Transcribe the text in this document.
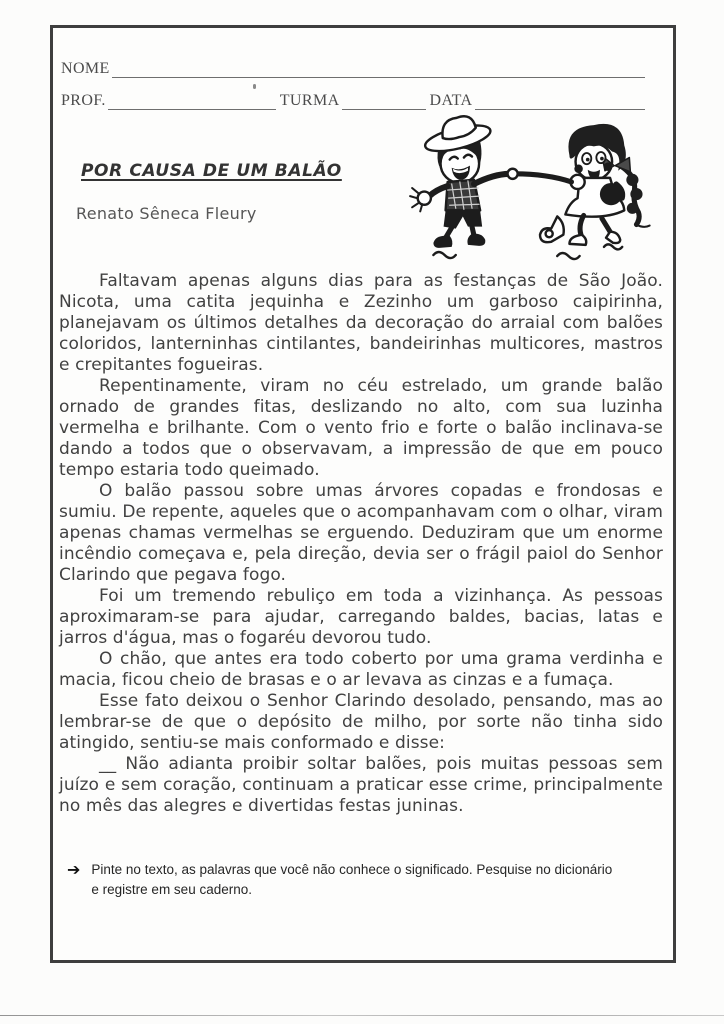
NOME
PROF.	TURMA	DATA
POR CAUSA DE UM BALÃO
Renato Sêneca Fleury

Faltavam apenas alguns dias para as festanças de São João. Nicota, uma catita jequinha e Zezinho um garboso caipirinha, planejavam os últimos detalhes da decoração do arraial com balões coloridos, lanterninhas cintilantes, bandeirinhas multicores, mastros e crepitantes fogueiras.

Repentinamente, viram no céu estrelado, um grande balão ornado de grandes fitas, deslizando no alto, com sua luzinha vermelha e brilhante. Com o vento frio e forte o balão inclinava-se dando a todos que o observavam, a impressão de que em pouco tempo estaria todo queimado.

O balão passou sobre umas árvores copadas e frondosas e sumiu. De repente, aqueles que o acompanhavam com o olhar, viram apenas chamas vermelhas se erguendo. Deduziram que um enorme incêndio começava e, pela direção, devia ser o frágil paiol do Senhor Clarindo que pegava fogo.

Foi um tremendo rebuliço em toda a vizinhança. As pessoas aproximaram-se para ajudar, carregando baldes, bacias, latas e jarros d'água, mas o fogaréu devorou tudo.

O chão, que antes era todo coberto por uma grama verdinha e macia, ficou cheio de brasas e o ar levava as cinzas e a fumaça.

Esse fato deixou o Senhor Clarindo desolado, pensando, mas ao lembrar-se de que o depósito de milho, por sorte não tinha sido atingido, sentiu-se mais conformado e disse:

__ Não adianta proibir soltar balões, pois muitas pessoas sem juízo e sem coração, continuam a praticar esse crime, principalmente no mês das alegres e divertidas festas juninas.

➔ Pinte no texto, as palavras que você não conhece o significado. Pesquise no dicionário e registre em seu caderno.
